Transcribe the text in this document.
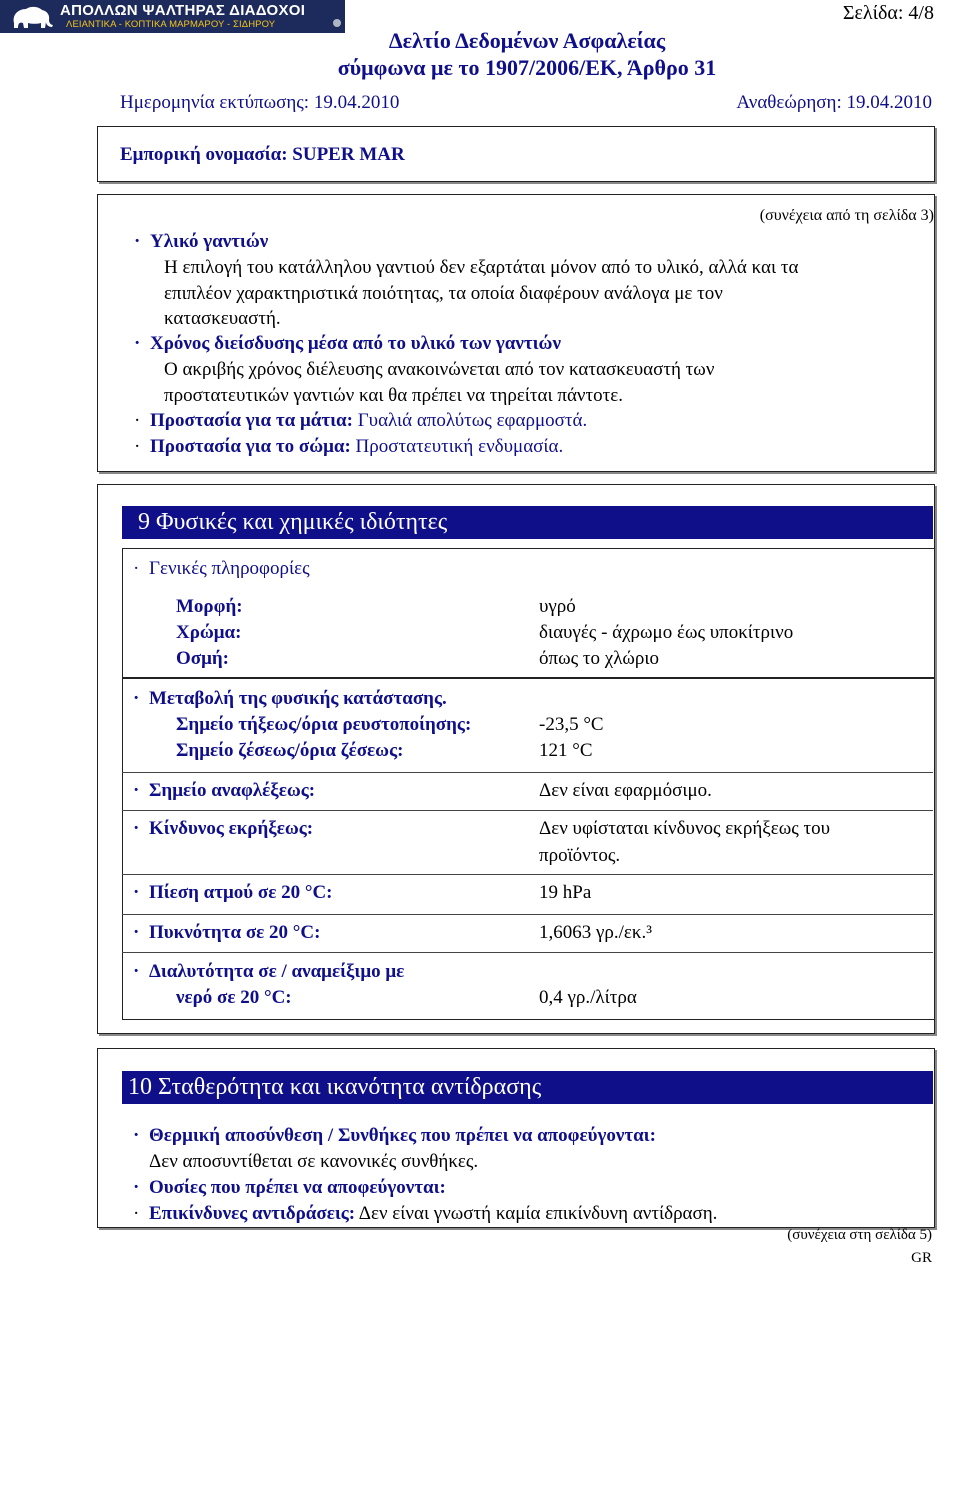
ΑΠΟΛΛΩΝ ΨΑΛΤΗΡΑΣ ΔΙΑΔΟΧΟΙ
ΛΕΙΑΝΤΙΚΑ - ΚΟΠΤΙΚΑ ΜΑΡΜΑΡΟΥ - ΣΙΔΗΡΟΥ
Σελίδα: 4/8
Δελτίο Δεδομένων Ασφαλείας
σύμφωνα με το 1907/2006/ΕΚ, Άρθρο 31
Ημερομηνία εκτύπωσης: 19.04.2010	Αναθεώρηση: 19.04.2010
Εμπορική ονομασία: SUPER MAR
(συνέχεια από τη σελίδα 3)
· Υλικό γαντιών
Η επιλογή του κατάλληλου γαντιού δεν εξαρτάται μόνον από το υλικό, αλλά και τα
επιπλέον χαρακτηριστικά ποιότητας, τα οποία διαφέρουν ανάλογα με τον
κατασκευαστή.
· Χρόνος διείσδυσης μέσα από το υλικό των γαντιών
Ο ακριβής χρόνος διέλευσης ανακοινώνεται από τον κατασκευαστή των
προστατευτικών γαντιών και θα πρέπει να τηρείται πάντοτε.
· Προστασία για τα μάτια: Γυαλιά απολύτως εφαρμοστά.
· Προστασία για το σώμα: Προστατευτική ενδυμασία.
9 Φυσικές και χημικές ιδιότητες
· Γενικές πληροφορίες
Μορφή:	υγρό
Χρώμα:	διαυγές - άχρωμο έως υποκίτρινο
Οσμή:	όπως το χλώριο
· Μεταβολή της φυσικής κατάστασης.
Σημείο τήξεως/όρια ρευστοποίησης:	-23,5 °C
Σημείο ζέσεως/όρια ζέσεως:	121 °C
· Σημείο αναφλέξεως:	Δεν είναι εφαρμόσιμο.
· Κίνδυνος εκρήξεως:	Δεν υφίσταται κίνδυνος εκρήξεως του
προϊόντος.
· Πίεση ατμού σε 20 °C:	19 hPa
· Πυκνότητα σε 20 °C:	1,6063 γρ./εκ.³
· Διαλυτότητα σε / αναμείξιμο με
νερό σε 20 °C:	0,4 γρ./λίτρα
10 Σταθερότητα και ικανότητα αντίδρασης
· Θερμική αποσύνθεση / Συνθήκες που πρέπει να αποφεύγονται:
Δεν αποσυντίθεται σε κανονικές συνθήκες.
· Ουσίες που πρέπει να αποφεύγονται:
· Επικίνδυνες αντιδράσεις: Δεν είναι γνωστή καμία επικίνδυνη αντίδραση.
(συνέχεια στη σελίδα 5)
GR
